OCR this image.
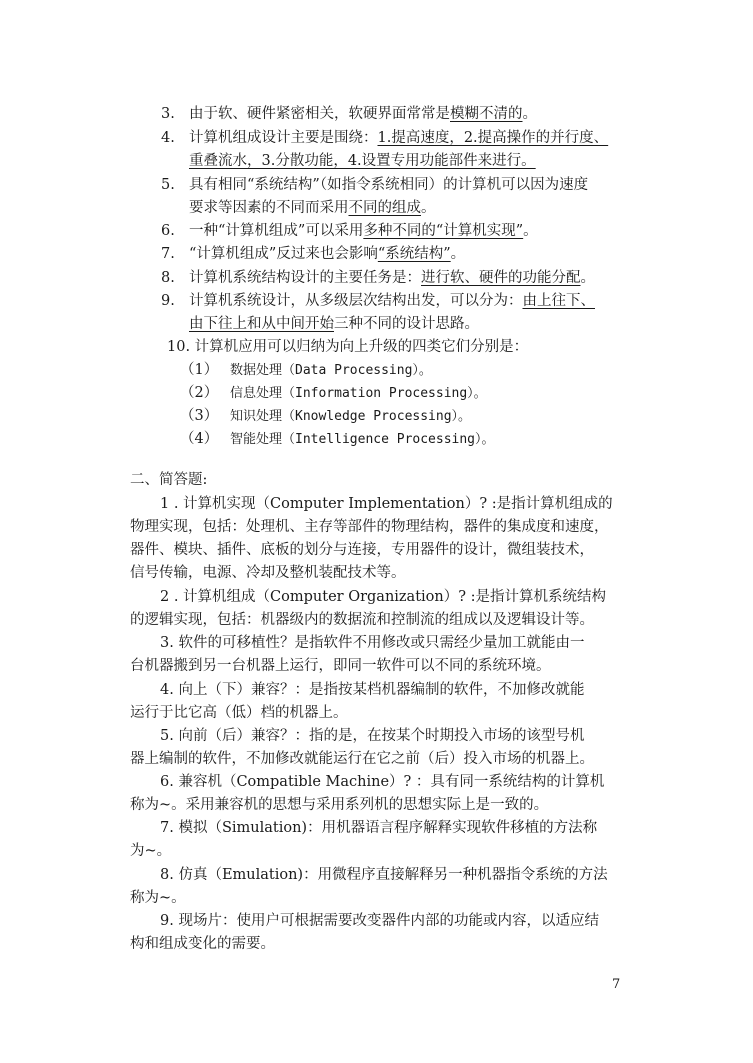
3. 由于软、硬件紧密相关，软硬界面常常是模糊不清的。
4. 计算机组成设计主要是围绕：1.提高速度，2.提高操作的并行度、
重叠流水，3.分散功能，4.设置专用功能部件来进行。
5. 具有相同“系统结构”（如指令系统相同）的计算机可以因为速度
要求等因素的不同而采用不同的组成。
6. 一种“计算机组成”可以采用多种不同的“计算机实现”。
7. “计算机组成”反过来也会影响“系统结构”。
8. 计算机系统结构设计的主要任务是：进行软、硬件的功能分配。
9. 计算机系统设计，从多级层次结构出发，可以分为：由上往下、
由下往上和从中间开始三种不同的设计思路。
10. 计算机应用可以归纳为向上升级的四类它们分别是：
（1） 数据处理（Data Processing）。
（2） 信息处理（Information Processing）。
（3） 知识处理（Knowledge Processing）。
（4） 智能处理（Intelligence Processing）。
二、简答题:
1 . 计算机实现（Computer Implementation）? :是指计算机组成的
物理实现，包括：处理机、主存等部件的物理结构，器件的集成度和速度，
器件、模块、插件、底板的划分与连接，专用器件的设计，微组装技术，
信号传输，电源、冷却及整机装配技术等。
2 . 计算机组成（Computer Organization）? :是指计算机系统结构
的逻辑实现，包括：机器级内的数据流和控制流的组成以及逻辑设计等。
3. 软件的可移植性？是指软件不用修改或只需经少量加工就能由一
台机器搬到另一台机器上运行，即同一软件可以不同的系统环境。
4. 向上（下）兼容？：是指按某档机器编制的软件，不加修改就能
运行于比它高（低）档的机器上。
5. 向前（后）兼容？：指的是，在按某个时期投入市场的该型号机
器上编制的软件，不加修改就能运行在它之前（后）投入市场的机器上。
6. 兼容机（Compatible Machine）? ：具有同一系统结构的计算机
称为~。采用兼容机的思想与采用系列机的思想实际上是一致的。
7. 模拟（Simulation)：用机器语言程序解释实现软件移植的方法称
为~。
8. 仿真（Emulation)：用微程序直接解释另一种机器指令系统的方法
称为~。
9. 现场片：使用户可根据需要改变器件内部的功能或内容，以适应结
构和组成变化的需要。
7
